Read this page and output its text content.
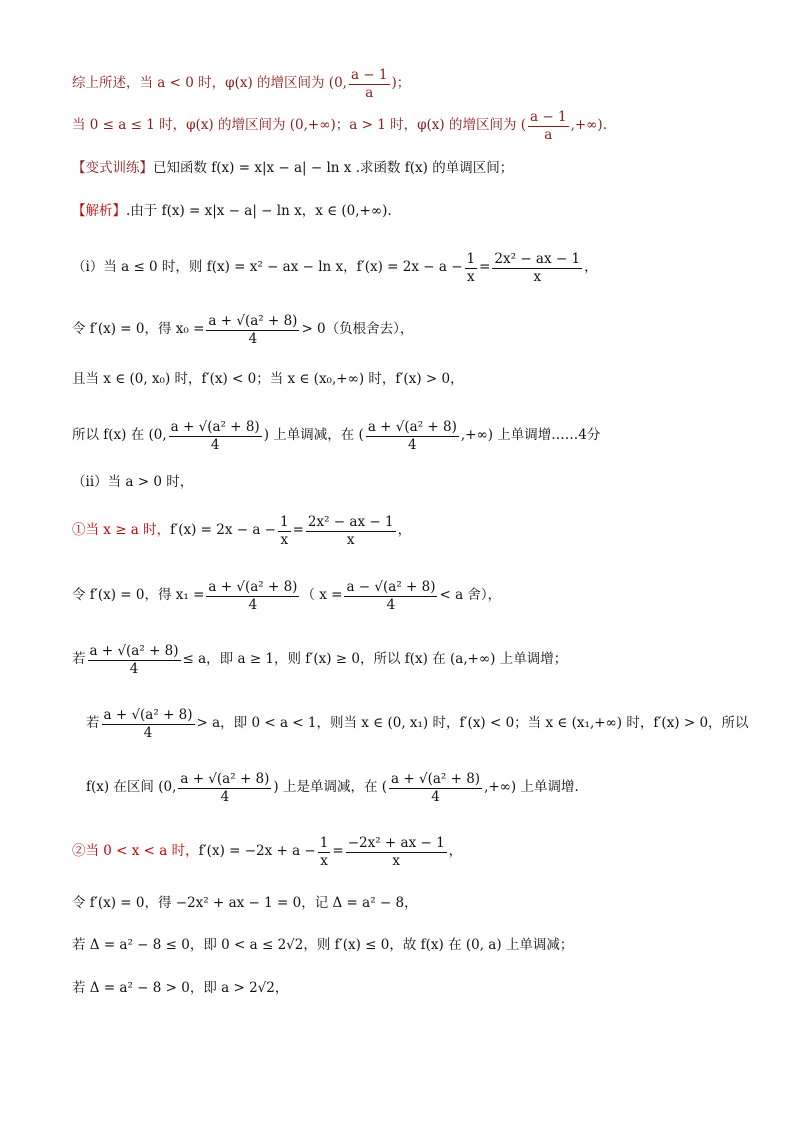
综上所述，当 a < 0 时，φ(x) 的增区间为 (0, $\frac{a - 1}{a}$ )；
当 0 ≤ a ≤ 1 时，φ(x) 的增区间为 (0,+∞)；a > 1 时，φ(x) 的增区间为 ( $\frac{a - 1}{a}$ ,+∞).
【变式训练】 已知函数 f(x) = x|x − a| − ln x .求函数 f(x) 的单调区间；
【解析】 .由于 f(x) = x|x − a| − ln x，x ∈ (0,+∞).
（ⅰ）当 a ≤ 0 时，则 f(x) = x² − ax − ln x，$f'(x) = 2x - a - \frac{1}{x} = \frac{\text{2x² − ax − 1}}{x}$ ，
令 f′(x) = 0，得 $x_0 = \frac{\text{a + √(a² + 8)}}{4} > 0$（负根舍去），
且当 x ∈ (0, x₀) 时，f′(x) < 0；当 x ∈ (x₀,+∞) 时，f′(x) > 0，
所以 f(x) 在 (0, $\frac{\text{a + √(a² + 8)}}{4}$ ) 上单调减，在 ( $\frac{\text{a + √(a² + 8)}}{4}$ ,+∞) 上单调增……4分
（ⅱ）当 a > 0 时，
①当 x ≥ a 时， $f'(x) = 2x - a - \frac{1}{x} = \frac{\text{2x² − ax − 1}}{x}$ ，
令 f′(x) = 0，得 $x_1 = \frac{\text{a + √(a² + 8)}}{4}$ （ $x = \frac{\text{a − √(a² + 8)}}{4} < a$ 舍），
若 $\frac{\text{a + √(a² + 8)}}{4} \le a$，即 a ≥ 1，则 f′(x) ≥ 0，所以 f(x) 在 (a,+∞) 上单调增；
若 $\frac{\text{a + √(a² + 8)}}{4} > a$，即 0 < a < 1，则当 x ∈ (0, x₁) 时，f′(x) < 0；当 x ∈ (x₁,+∞) 时，f′(x) > 0，所以
f(x) 在区间 (0, $\frac{\text{a + √(a² + 8)}}{4}$ ) 上是单调减，在 ( $\frac{\text{a + √(a² + 8)}}{4}$ ,+∞) 上单调增.
②当 0 < x < a 时， $f'(x) = -2x + a - \frac{1}{x} = \frac{\text{−2x² + ax − 1}}{x}$ ，
令 f′(x) = 0，得 −2x² + ax − 1 = 0，记 Δ = a² − 8，
若 Δ = a² − 8 ≤ 0，即 0 < a ≤ 2√2，则 f′(x) ≤ 0，故 f(x) 在 (0, a) 上单调减；
若 Δ = a² − 8 > 0，即 a > 2√2，
